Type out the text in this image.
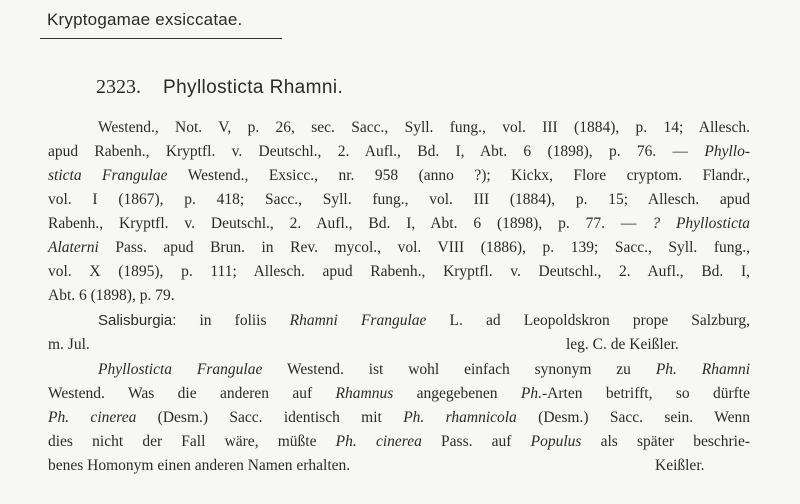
Kryptogamae exsiccatae.
2323. Phyllosticta Rhamni.
Westend., Not. V, p. 26, sec. Sacc., Syll. fung., vol. III (1884), p. 14; Allesch.
apud Rabenh., Kryptfl. v. Deutschl., 2. Aufl., Bd. I, Abt. 6 (1898), p. 76. — Phyllo-
sticta Frangulae Westend., Exsicc., nr. 958 (anno ?); Kickx, Flore cryptom. Flandr.,
vol. I (1867), p. 418; Sacc., Syll. fung., vol. III (1884), p. 15; Allesch. apud
Rabenh., Kryptfl. v. Deutschl., 2. Aufl., Bd. I, Abt. 6 (1898), p. 77. — ? Phyllosticta
Alaterni Pass. apud Brun. in Rev. mycol., vol. VIII (1886), p. 139; Sacc., Syll. fung.,
vol. X (1895), p. 111; Allesch. apud Rabenh., Kryptfl. v. Deutschl., 2. Aufl., Bd. I,
Abt. 6 (1898), p. 79.
Salisburgia: in foliis Rhamni Frangulae L. ad Leopoldskron prope Salzburg,
m. Jul.	leg. C. de Keißler.
Phyllosticta Frangulae Westend. ist wohl einfach synonym zu Ph. Rhamni
Westend. Was die anderen auf Rhamnus angegebenen Ph.-Arten betrifft, so dürfte
Ph. cinerea (Desm.) Sacc. identisch mit Ph. rhamnicola (Desm.) Sacc. sein. Wenn
dies nicht der Fall wäre, müßte Ph. cinerea Pass. auf Populus als später beschrie-
benes Homonym einen anderen Namen erhalten.	Keißler.
